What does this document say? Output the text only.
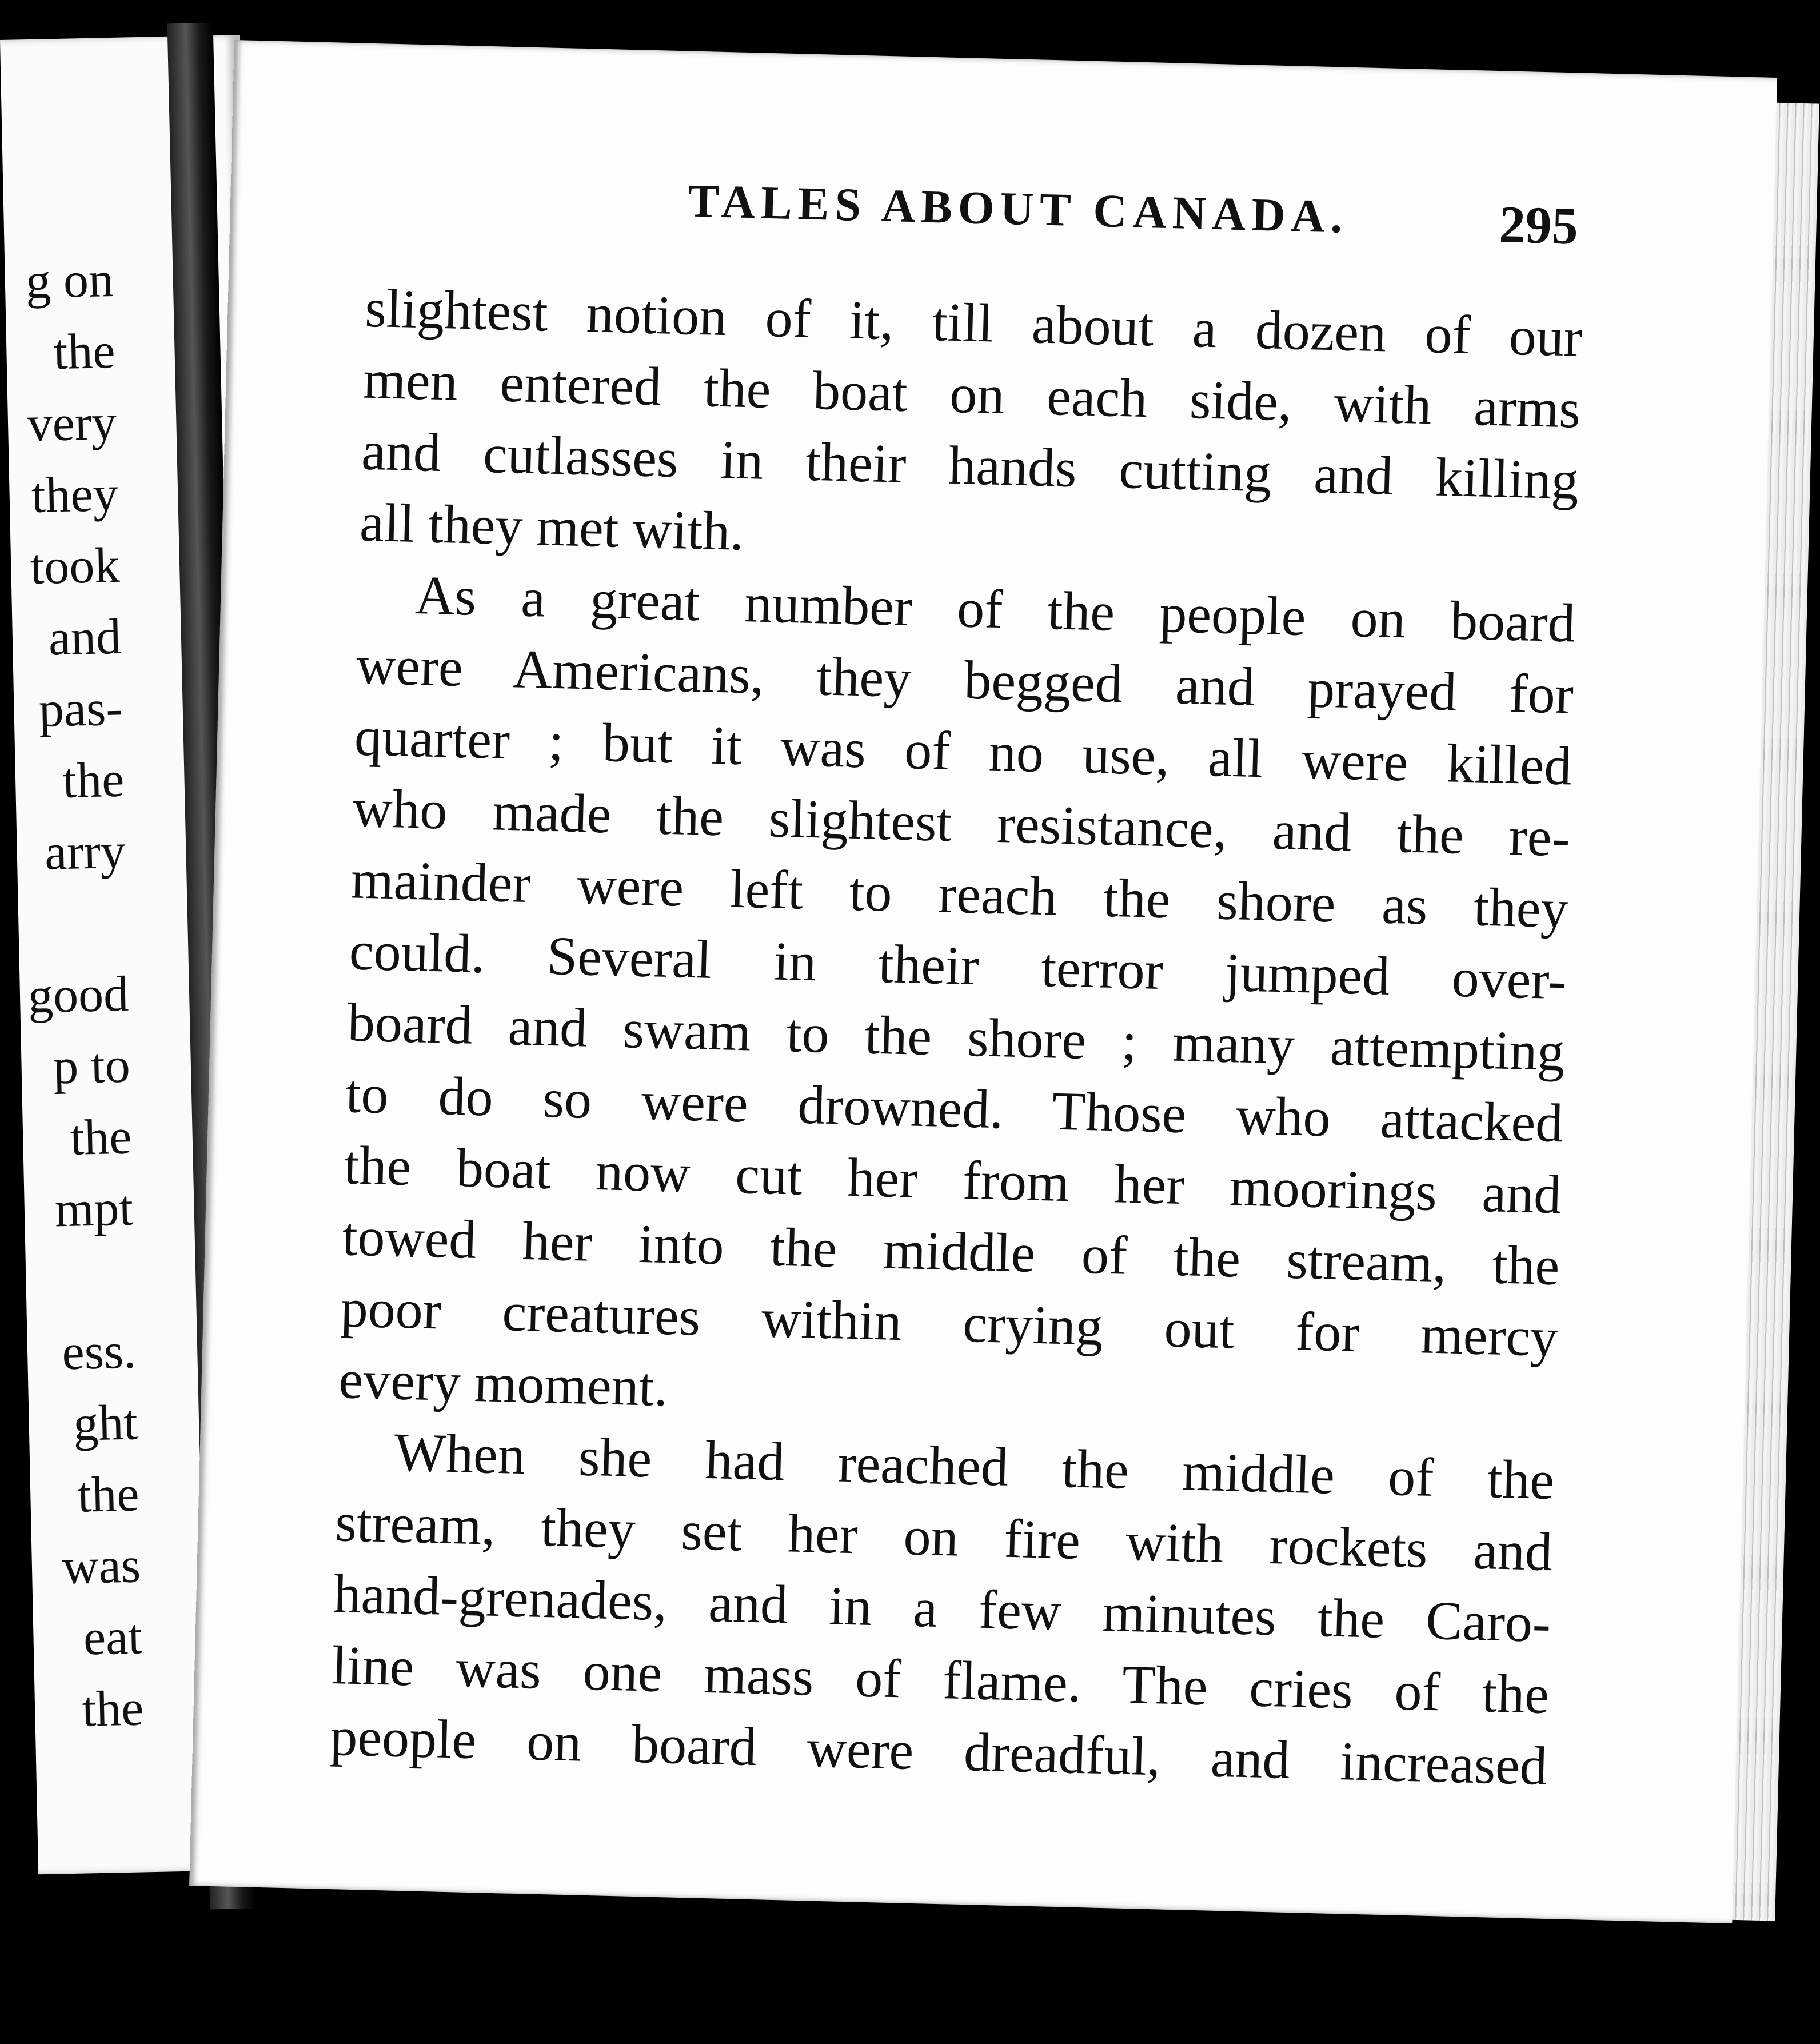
g on
the
very
they
took
and
pas-
the
arry
good
p to
the
mpt
ess.
ght
the
was
eat
the
TALES ABOUT CANADA.	295
slightest notion of it, till about a dozen of our
men entered the boat on each side, with arms
and cutlasses in their hands cutting and killing
all they met with.
As a great number of the people on board
were Americans, they begged and prayed for
quarter ; but it was of no use, all were killed
who made the slightest resistance, and the re-
mainder were left to reach the shore as they
could. Several in their terror jumped over-
board and swam to the shore ; many attempting
to do so were drowned. Those who attacked
the boat now cut her from her moorings and
towed her into the middle of the stream, the
poor creatures within crying out for mercy
every moment.
When she had reached the middle of the
stream, they set her on fire with rockets and
hand-grenades, and in a few minutes the Caro-
line was one mass of flame. The cries of the
people on board were dreadful, and increased
